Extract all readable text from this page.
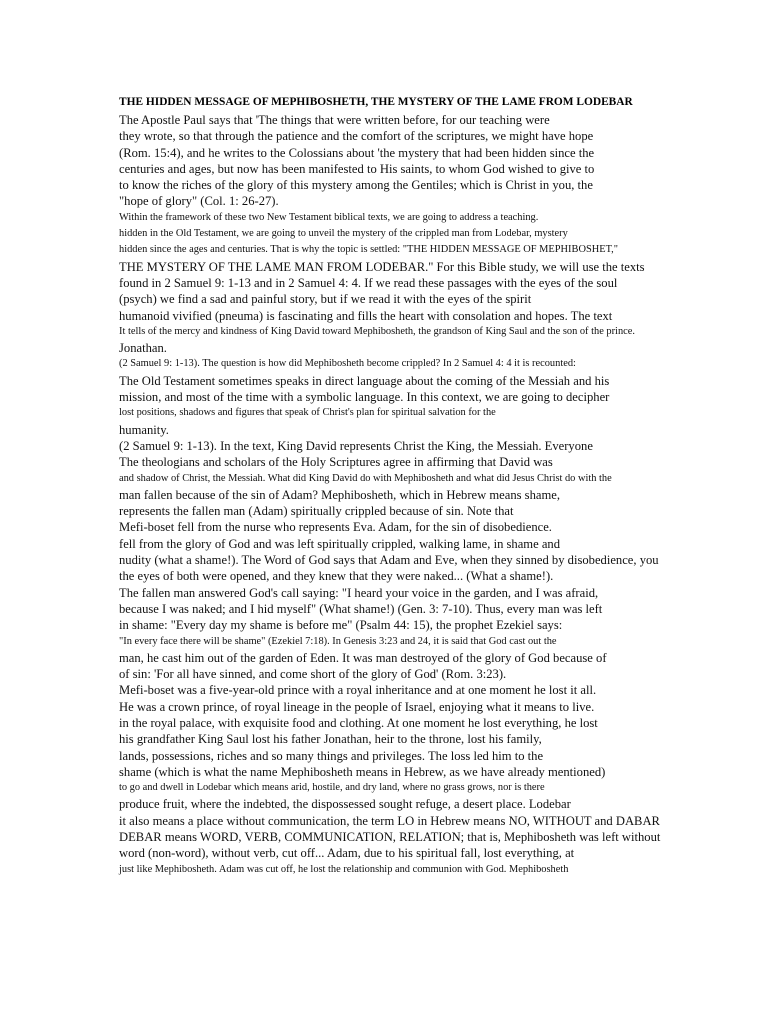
THE HIDDEN MESSAGE OF MEPHIBOSHETH, THE MYSTERY OF THE LAME FROM LODEBAR
The Apostle Paul says that 'The things that were written before, for our teaching were
they wrote, so that through the patience and the comfort of the scriptures, we might have hope
(Rom. 15:4), and he writes to the Colossians about 'the mystery that had been hidden since the
centuries and ages, but now has been manifested to His saints, to whom God wished to give to
to know the riches of the glory of this mystery among the Gentiles; which is Christ in you, the
"hope of glory" (Col. 1: 26-27).
Within the framework of these two New Testament biblical texts, we are going to address a teaching.
hidden in the Old Testament, we are going to unveil the mystery of the crippled man from Lodebar, mystery
hidden since the ages and centuries. That is why the topic is settled: "THE HIDDEN MESSAGE OF MEPHIBOSHET,"
THE MYSTERY OF THE LAME MAN FROM LODEBAR." For this Bible study, we will use the texts
found in 2 Samuel 9: 1-13 and in 2 Samuel 4: 4. If we read these passages with the eyes of the soul
(psych) we find a sad and painful story, but if we read it with the eyes of the spirit
humanoid vivified (pneuma) is fascinating and fills the heart with consolation and hopes. The text
It tells of the mercy and kindness of King David toward Mephibosheth, the grandson of King Saul and the son of the prince.
Jonathan.
(2 Samuel 9: 1-13). The question is how did Mephibosheth become crippled? In 2 Samuel 4: 4 it is recounted:
The Old Testament sometimes speaks in direct language about the coming of the Messiah and his
mission, and most of the time with a symbolic language. In this context, we are going to decipher
lost positions, shadows and figures that speak of Christ's plan for spiritual salvation for the
humanity.
(2 Samuel 9: 1-13). In the text, King David represents Christ the King, the Messiah. Everyone
The theologians and scholars of the Holy Scriptures agree in affirming that David was
and shadow of Christ, the Messiah. What did King David do with Mephibosheth and what did Jesus Christ do with the
man fallen because of the sin of Adam? Mephibosheth, which in Hebrew means shame,
represents the fallen man (Adam) spiritually crippled because of sin. Note that
Mefi-boset fell from the nurse who represents Eva. Adam, for the sin of disobedience.
fell from the glory of God and was left spiritually crippled, walking lame, in shame and
nudity (what a shame!). The Word of God says that Adam and Eve, when they sinned by disobedience, you
the eyes of both were opened, and they knew that they were naked... (What a shame!).
The fallen man answered God's call saying: "I heard your voice in the garden, and I was afraid,
because I was naked; and I hid myself" (What shame!) (Gen. 3: 7-10). Thus, every man was left
in shame: "Every day my shame is before me" (Psalm 44: 15), the prophet Ezekiel says:
"In every face there will be shame" (Ezekiel 7:18). In Genesis 3:23 and 24, it is said that God cast out the
man, he cast him out of the garden of Eden. It was man destroyed of the glory of God because of
of sin: 'For all have sinned, and come short of the glory of God' (Rom. 3:23).
Mefi-boset was a five-year-old prince with a royal inheritance and at one moment he lost it all.
He was a crown prince, of royal lineage in the people of Israel, enjoying what it means to live.
in the royal palace, with exquisite food and clothing. At one moment he lost everything, he lost
his grandfather King Saul lost his father Jonathan, heir to the throne, lost his family,
lands, possessions, riches and so many things and privileges. The loss led him to the
shame (which is what the name Mephibosheth means in Hebrew, as we have already mentioned)
to go and dwell in Lodebar which means arid, hostile, and dry land, where no grass grows, nor is there
produce fruit, where the indebted, the dispossessed sought refuge, a desert place. Lodebar
it also means a place without communication, the term LO in Hebrew means NO, WITHOUT and DABAR
DEBAR means WORD, VERB, COMMUNICATION, RELATION; that is, Mephibosheth was left without
word (non-word), without verb, cut off... Adam, due to his spiritual fall, lost everything, at
just like Mephibosheth. Adam was cut off, he lost the relationship and communion with God. Mephibosheth
